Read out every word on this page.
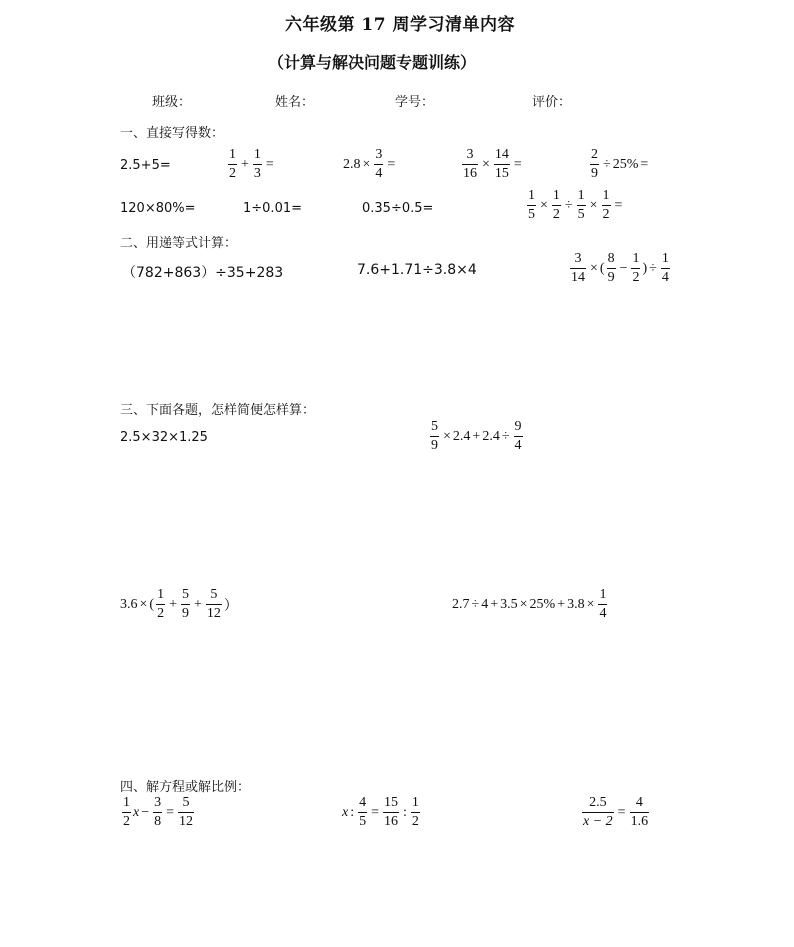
六年级第 17 周学习清单内容
（计算与解决问题专题训练）
班级：	姓名：	学号：	评价：
一、直接写得数：
2.5+5=	$\frac{1}{2} + \frac{1}{3}$ =	$2.8 \times \frac{3}{4}$ =	$\frac{3}{16} \times \frac{14}{15}$ =	$\frac{2}{9} \div 25\%$ =
120×80%=	1÷0.01=	0.35÷0.5=	$\frac{1}{5} \times \frac{1}{2} \div \frac{1}{5} \times \frac{1}{2}$ =
二、用递等式计算：
（782+863）÷35+283	7.6+1.71÷3.8×4	$\frac{3}{14}$ × ( $\frac{8}{9} - \frac{1}{2}$ ) ÷ $\frac{1}{4}$
三、下面各题，怎样简便怎样算：
2.5×32×1.25	$\frac{5}{9} \times 2.4 + 2.4 \div \frac{9}{4}$
3.6 × ( $\frac{1}{2} + \frac{5}{9} + \frac{5}{12}$ ）	$2.7 \div 4 + 3.5 \times 25\% + 3.8 \times \frac{1}{4}$
四、解方程或解比例：
$\frac{1}{2}$ $x - \frac{3}{8} = \frac{5}{12}$	x : $\frac{4}{5} = \frac{15}{16}$ : $\frac{1}{2}$	$\frac{2.5}{x - 2} = \frac{4}{1.6}$
